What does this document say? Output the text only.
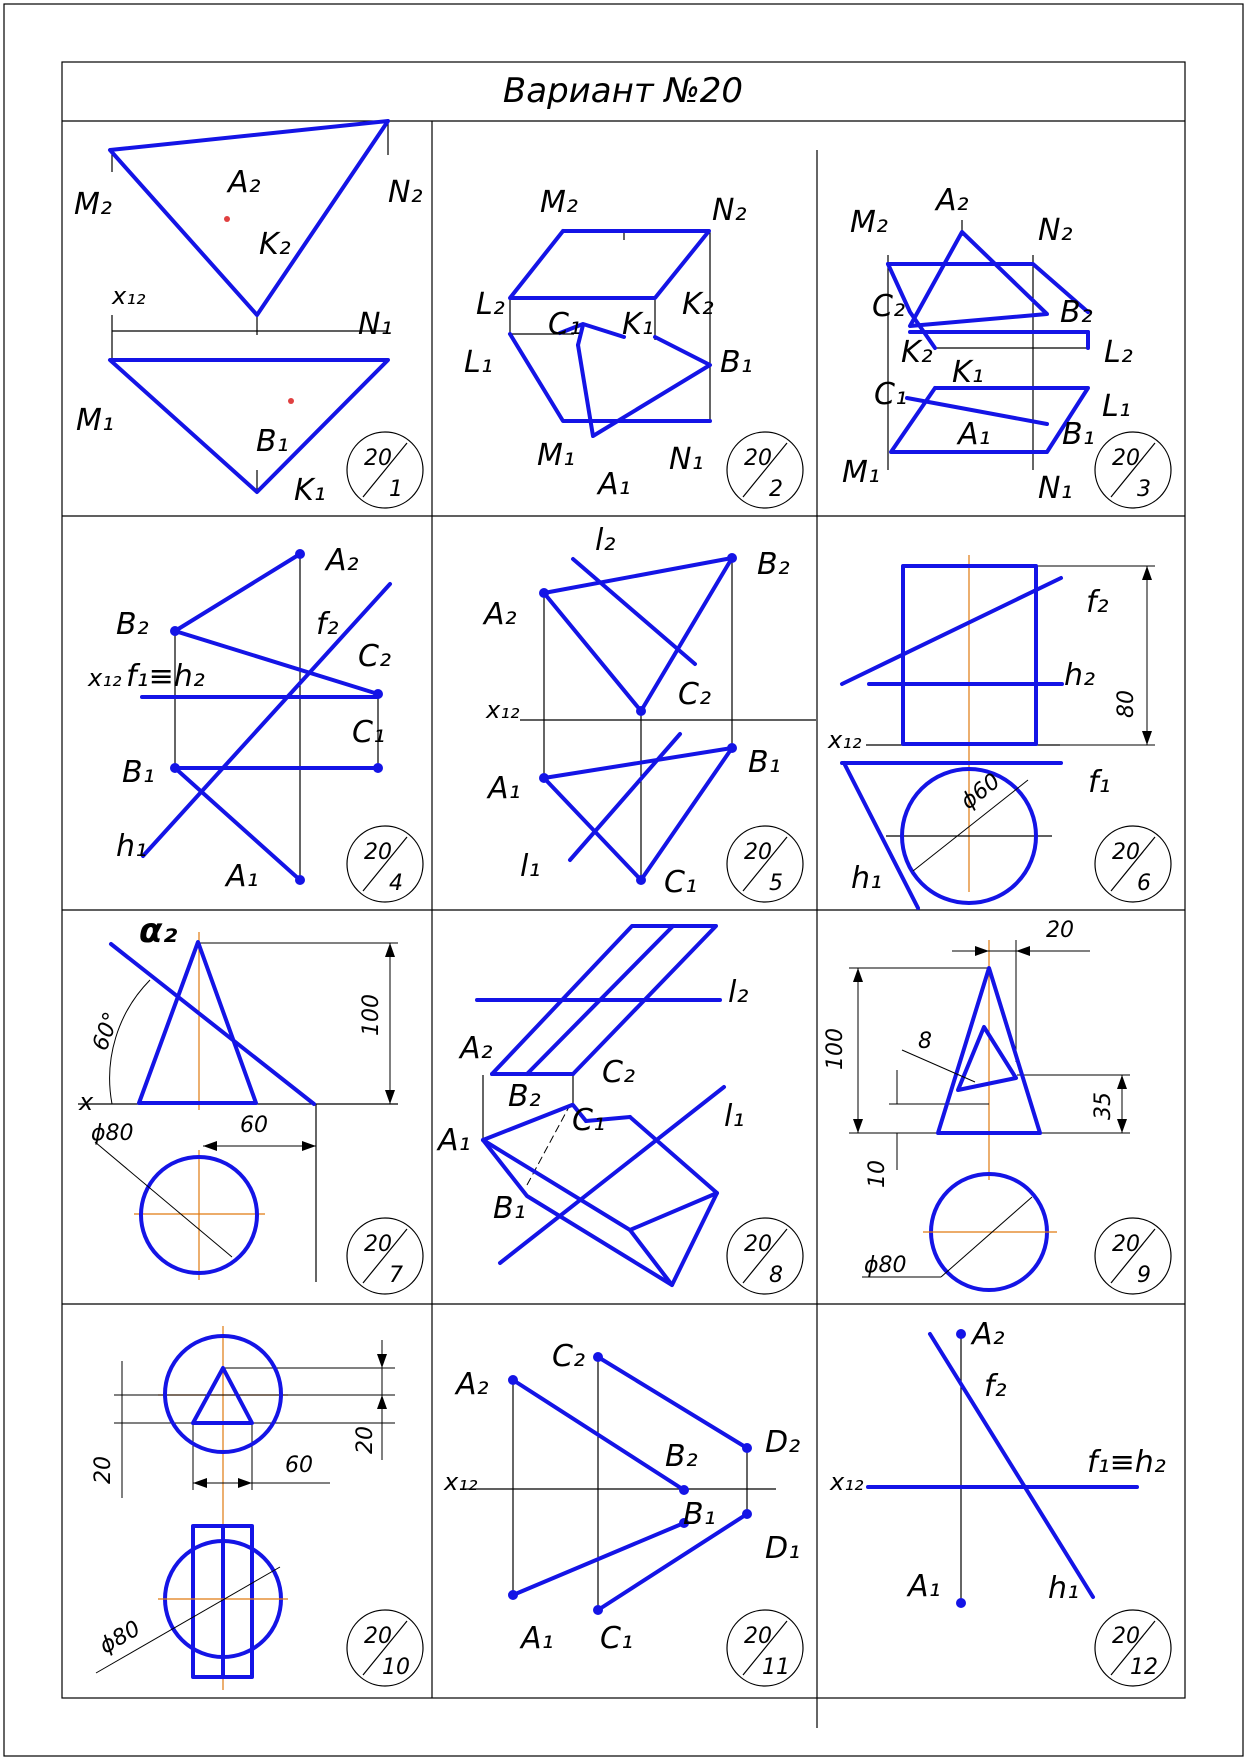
Вариант №20
M₂	N₂
A₂
K₂
x₁₂
N₁
M₁
B₁
K₁
20
1
M₂	N₂
L₂	K₂
C₁ K₁
L₁	B₁
M₁	N₁
A₁
20
2
M₂
A₂
N₂
C₂	B₂
K₂	L₂
C₁
K₁
L₁
A₁ B₁
M₁	N₁
20
3
A₂
B₂	f₂
C₂
x₁₂ f₁≡h₂
C₁
B₁
h₁
A₁
20
4
l₂
B₂
A₂
C₂
x₁₂
B₁
A₁
l₁	C₁
20
5
f₂
h₂
80
x₁₂
f₁
ϕ60
h₁
20
6
α₂
100
60°
x
ϕ80	60
20
7
l₂
A₂
B₂
C₂
C₁	l₁
A₁
B₁
20
8
20
100	8
35
10
ϕ80
20
9
20
20
60
ϕ80	20
10
C₂
A₂
B₂ D₂
x₁₂
B₁
D₁
A₁ C₁	20
11
A₂
f₂
x₁₂
f₁≡h₂
A₁	h₁
20
12
